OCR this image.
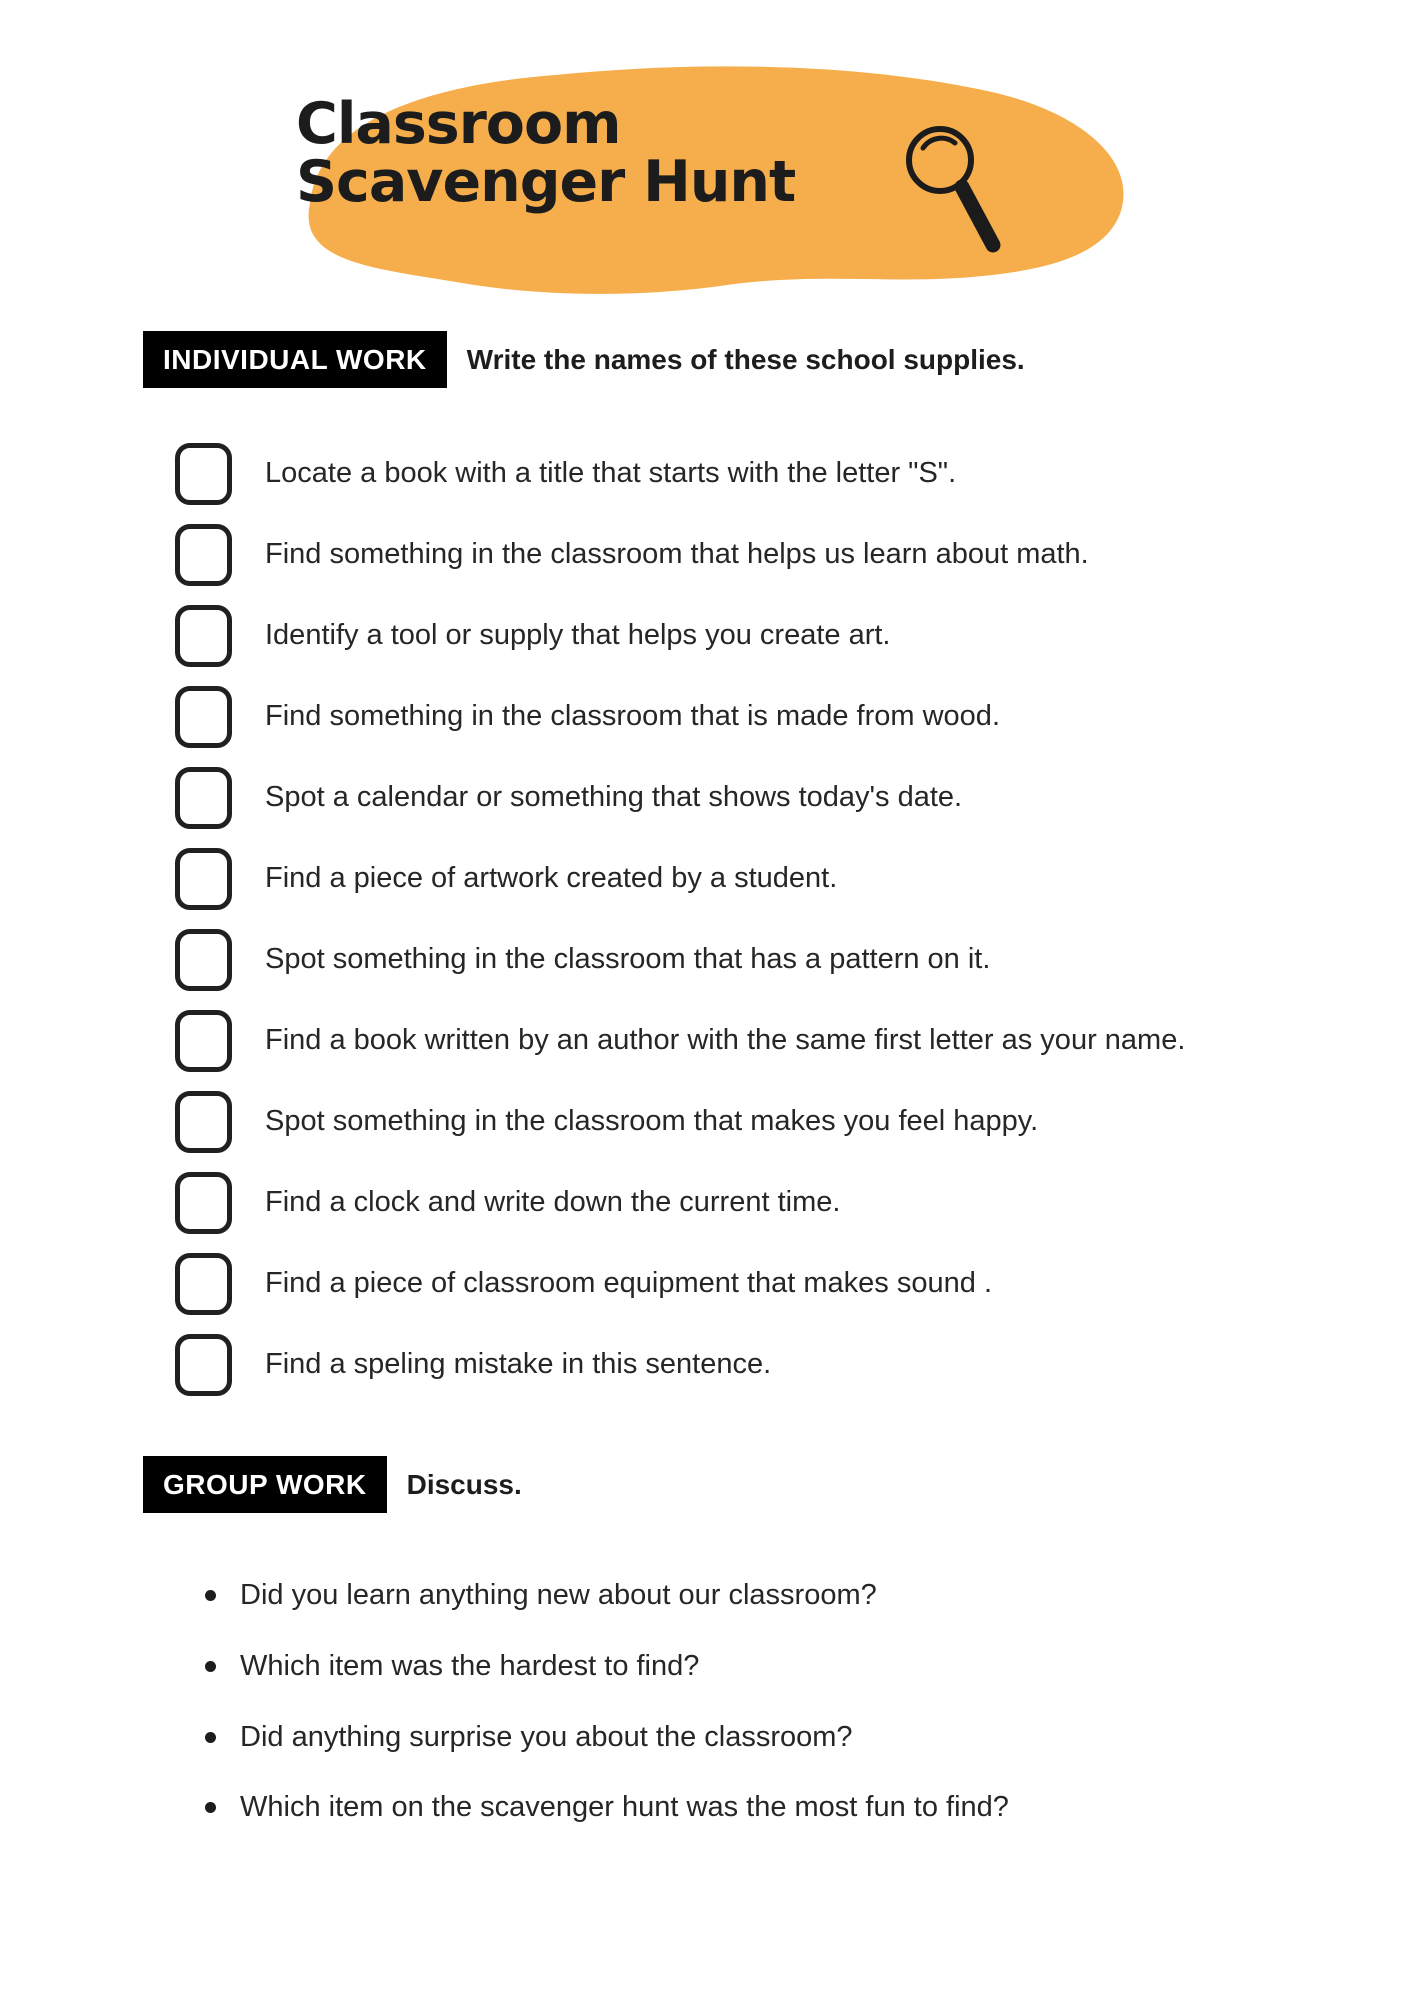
Classroom
Scavenger Hunt
INDIVIDUAL WORK	Write the names of these school supplies.
Locate a book with a title that starts with the letter "S".
Find something in the classroom that helps us learn about math.
Identify a tool or supply that helps you create art.
Find something in the classroom that is made from wood.
Spot a calendar or something that shows today's date.
Find a piece of artwork created by a student.
Spot something in the classroom that has a pattern on it.
Find a book written by an author with the same first letter as your name.
Spot something in the classroom that makes you feel happy.
Find a clock and write down the current time.
Find a piece of classroom equipment that makes sound .
Find a speling mistake in this sentence.
GROUP WORK	Discuss.
Did you learn anything new about our classroom?
Which item was the hardest to find?
Did anything surprise you about the classroom?
Which item on the scavenger hunt was the most fun to find?
